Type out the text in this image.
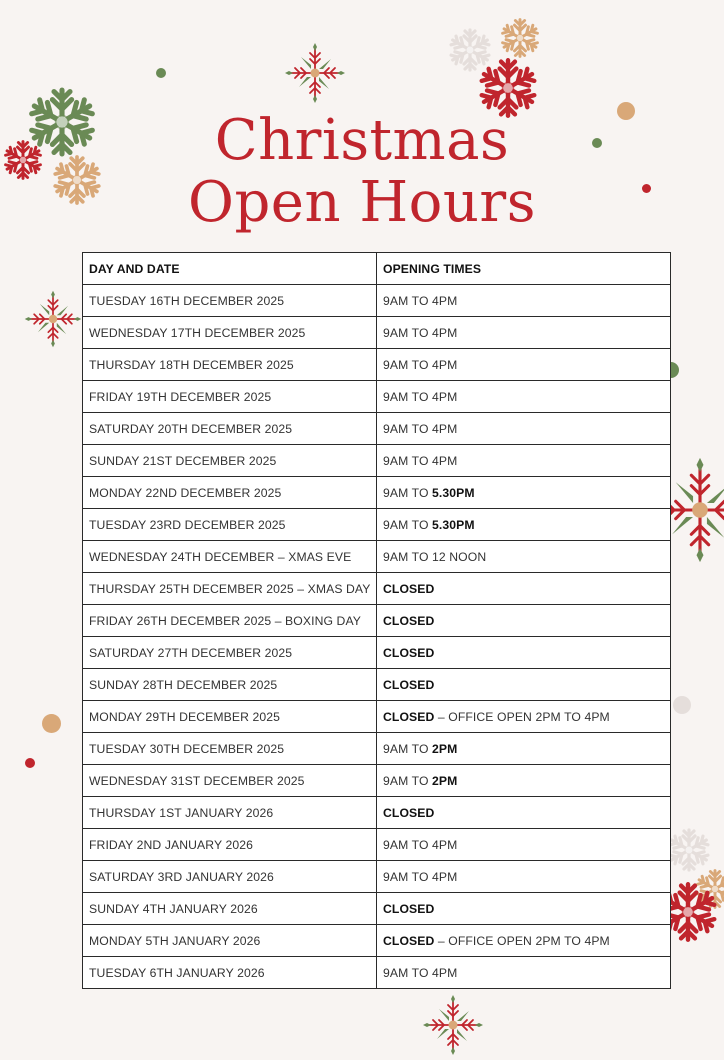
Christmas
Open Hours
DAY AND DATE	OPENING TIMES
TUESDAY 16TH DECEMBER 2025	9AM TO 4PM
WEDNESDAY 17TH DECEMBER 2025	9AM TO 4PM
THURSDAY 18TH DECEMBER 2025	9AM TO 4PM
FRIDAY 19TH DECEMBER 2025	9AM TO 4PM
SATURDAY 20TH DECEMBER 2025	9AM TO 4PM
SUNDAY 21ST DECEMBER 2025	9AM TO 4PM
MONDAY 22ND DECEMBER 2025	9AM TO 5.30PM
TUESDAY 23RD DECEMBER 2025	9AM TO 5.30PM
WEDNESDAY 24TH DECEMBER – XMAS EVE	9AM TO 12 NOON
THURSDAY 25TH DECEMBER 2025 – XMAS DAY	CLOSED
FRIDAY 26TH DECEMBER 2025 – BOXING DAY	CLOSED
SATURDAY 27TH DECEMBER 2025	CLOSED
SUNDAY 28TH DECEMBER 2025	CLOSED
MONDAY 29TH DECEMBER 2025	CLOSED – OFFICE OPEN 2PM TO 4PM
TUESDAY 30TH DECEMBER 2025	9AM TO 2PM
WEDNESDAY 31ST DECEMBER 2025	9AM TO 2PM
THURSDAY 1ST JANUARY 2026	CLOSED
FRIDAY 2ND JANUARY 2026	9AM TO 4PM
SATURDAY 3RD JANUARY 2026	9AM TO 4PM
SUNDAY 4TH JANUARY 2026	CLOSED
MONDAY 5TH JANUARY 2026	CLOSED – OFFICE OPEN 2PM TO 4PM
TUESDAY 6TH JANUARY 2026	9AM TO 4PM
